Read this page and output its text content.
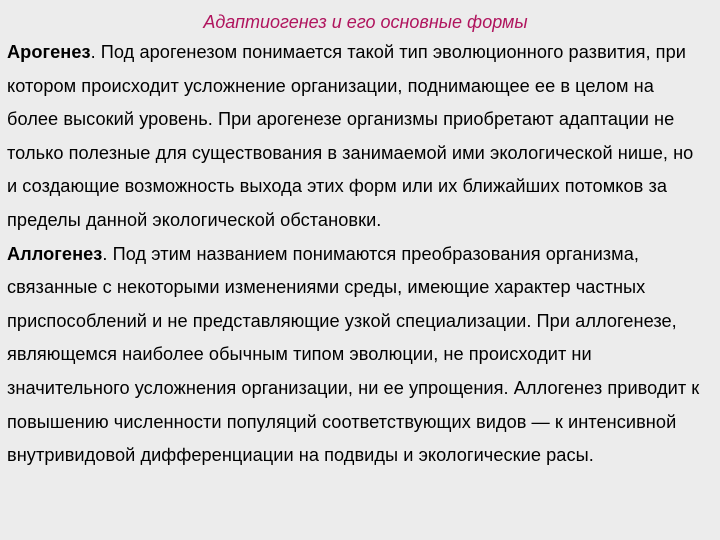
Адаптиогенез и его основные формы

Арогенез. Под арогенезом понимается такой тип эволюционного развития, при котором происходит усложнение организации, поднимающее ее в целом на более высокий уровень. При арогенезе организмы приобретают адаптации не только полезные для существования в занимаемой ими экологической нише, но и создающие возможность выхода этих форм или их ближайших потомков за пределы данной экологической обстановки.

Аллогенез. Под этим названием понимаются преобразования организма, связанные с некоторыми изменениями среды, имеющие характер частных приспособлений и не представляющие узкой специализации. При аллогенезе, являющемся наиболее обычным типом эволюции, не происходит ни значительного усложнения организации, ни ее упрощения. Аллогенез приводит к повышению численности популяций соответствующих видов — к интенсивной внутривидовой дифференциации на подвиды и экологические расы.
